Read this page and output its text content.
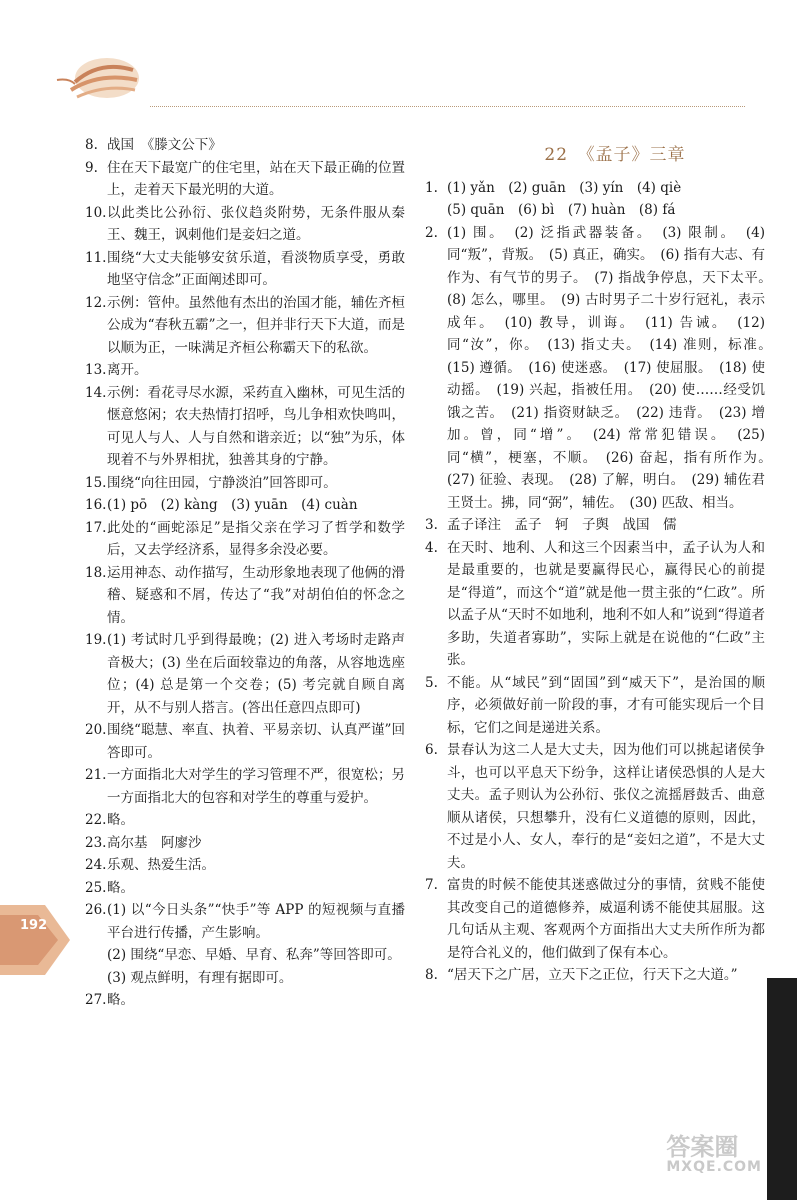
8. 战国　《滕文公下》
9. 住在天下最宽广的住宅里，站在天下最正确的位置上，走着天下最光明的大道。
10. 以此类比公孙衍、张仪趋炎附势，无条件服从秦王、魏王，讽刺他们是妾妇之道。
11. 围绕“大丈夫能够安贫乐道，看淡物质享受，勇敢地坚守信念”正面阐述即可。
12. 示例：管仲。虽然他有杰出的治国才能，辅佐齐桓公成为“春秋五霸”之一，但并非行天下大道，而是以顺为正，一味满足齐桓公称霸天下的私欲。
13. 离开。
14. 示例：看花寻尽水源，采药直入幽林，可见生活的惬意悠闲；农夫热情打招呼，鸟儿争相欢快鸣叫，可见人与人、人与自然和谐亲近；以“独”为乐，体现着不与外界相扰，独善其身的宁静。
15. 围绕“向往田园，宁静淡泊”回答即可。
16. (1) pō　(2) kàng　(3) yuān　(4) cuàn
17. 此处的“画蛇添足”是指父亲在学习了哲学和数学后，又去学经济系，显得多余没必要。
18. 运用神态、动作描写，生动形象地表现了他俩的滑稽、疑惑和不屑，传达了“我”对胡伯伯的怀念之情。
19. (1) 考试时几乎到得最晚；(2) 进入考场时走路声音极大；(3) 坐在后面较靠边的角落，从容地选座位；(4) 总是第一个交卷；(5) 考完就自顾自离开，从不与别人搭言。(答出任意四点即可)
20. 围绕“聪慧、率直、执着、平易亲切、认真严谨”回答即可。
21. 一方面指北大对学生的学习管理不严，很宽松；另一方面指北大的包容和对学生的尊重与爱护。
22. 略。
23. 高尔基　阿廖沙
24. 乐观、热爱生活。
25. 略。
26. (1) 以“今日头条”“快手”等 APP 的短视频与直播平台进行传播，产生影响。
(2) 围绕“早恋、早婚、早育、私奔”等回答即可。
(3) 观点鲜明，有理有据即可。
27. 略。
22　 《孟子》三章
1. (1) yǎn　(2) guān　(3) yín　(4) qiè
(5) quān　(6) bì　(7) huàn　(8) fá
2. (1) 围。　(2) 泛指武器装备。　(3) 限制。　(4) 同“叛”，背叛。　(5) 真正，确实。　(6) 指有大志、有作为、有气节的男子。　(7) 指战争停息，天下太平。　(8) 怎么，哪里。　(9) 古时男子二十岁行冠礼，表示成年。　(10) 教导，训诲。　(11) 告诫。　(12) 同“汝”，你。　(13) 指丈夫。　(14) 准则，标准。　(15) 遵循。　(16) 使迷惑。　(17) 使屈服。　(18) 使动摇。　(19) 兴起，指被任用。　(20) 使……经受饥饿之苦。　(21) 指资财缺乏。　(22) 违背。　(23) 增加。曾，同“增”。　(24) 常常犯错误。　(25) 同“横”，梗塞，不顺。　(26) 奋起，指有所作为。　(27) 征验、表现。　(28) 了解，明白。　(29) 辅佐君王贤士。拂，同“弼”，辅佐。　(30) 匹敌、相当。
3. 孟子译注　孟子　轲　子舆　战国　儒
4. 在天时、地利、人和这三个因素当中，孟子认为人和是最重要的，也就是要赢得民心，赢得民心的前提是“得道”，而这个“道”就是他一贯主张的“仁政”。所以孟子从“天时不如地利，地利不如人和”说到“得道者多助，失道者寡助”，实际上就是在说他的“仁政”主张。
5. 不能。从“域民”到“固国”到“威天下”，是治国的顺序，必须做好前一阶段的事，才有可能实现后一个目标，它们之间是递进关系。
6. 景春认为这二人是大丈夫，因为他们可以挑起诸侯争斗，也可以平息天下纷争，这样让诸侯恐惧的人是大丈夫。孟子则认为公孙衍、张仪之流摇唇鼓舌、曲意顺从诸侯，只想攀升，没有仁义道德的原则，因此，不过是小人、女人，奉行的是“妾妇之道”，不是大丈夫。
7. 富贵的时候不能使其迷惑做过分的事情，贫贱不能使其改变自己的道德修养，威逼利诱不能使其屈服。这几句话从主观、客观两个方面指出大丈夫所作所为都是符合礼义的，他们做到了保有本心。
8. “居天下之广居，立天下之正位，行天下之大道。”
192
答案圈
MXQE.COM
